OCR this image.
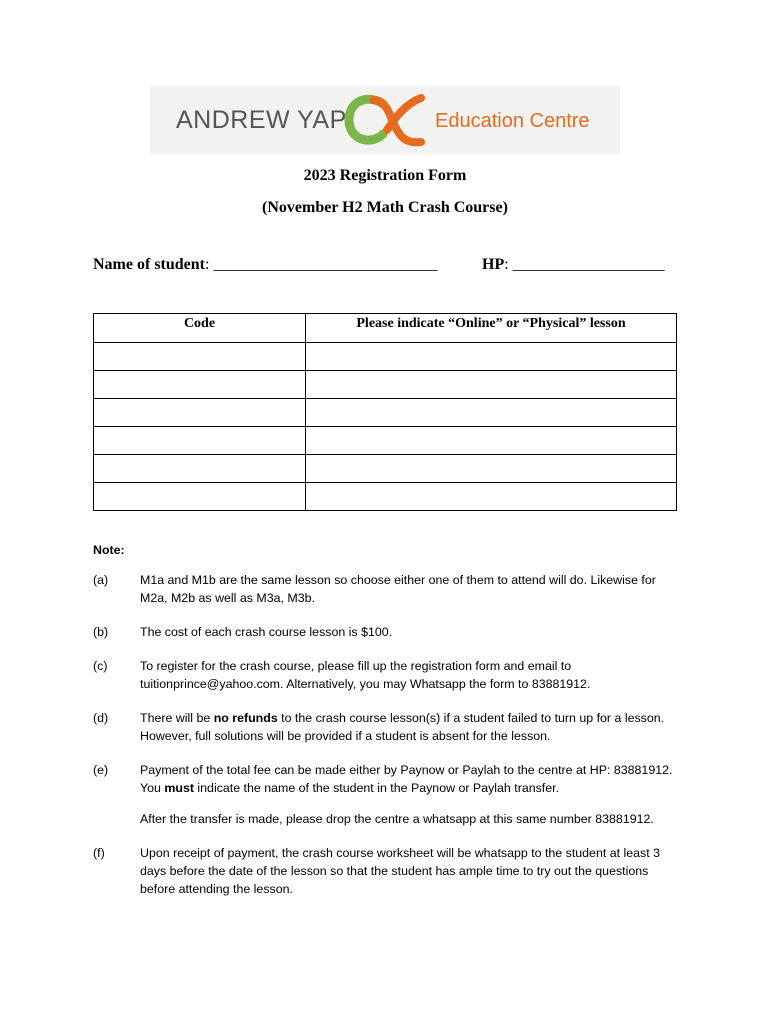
ANDREW YAP	Education Centre
2023 Registration Form
(November H2 Math Crash Course)
Name of student: ____________________________	HP: ___________________
Code	Please indicate “Online” or “Physical” lesson

Note:
(a)	M1a and M1b are the same lesson so choose either one of them to attend will do. Likewise for M2a, M2b as well as M3a, M3b.
(b)	The cost of each crash course lesson is $100.
(c)	To register for the crash course, please fill up the registration form and email to tuitionprince@yahoo.com. Alternatively, you may Whatsapp the form to 83881912.
(d)	There will be no refunds to the crash course lesson(s) if a student failed to turn up for a lesson. However, full solutions will be provided if a student is absent for the lesson.
(e)	Payment of the total fee can be made either by Paynow or Paylah to the centre at HP: 83881912. You must indicate the name of the student in the Paynow or Paylah transfer.
After the transfer is made, please drop the centre a whatsapp at this same number 83881912.
(f)	Upon receipt of payment, the crash course worksheet will be whatsapp to the student at least 3 days before the date of the lesson so that the student has ample time to try out the questions before attending the lesson.
